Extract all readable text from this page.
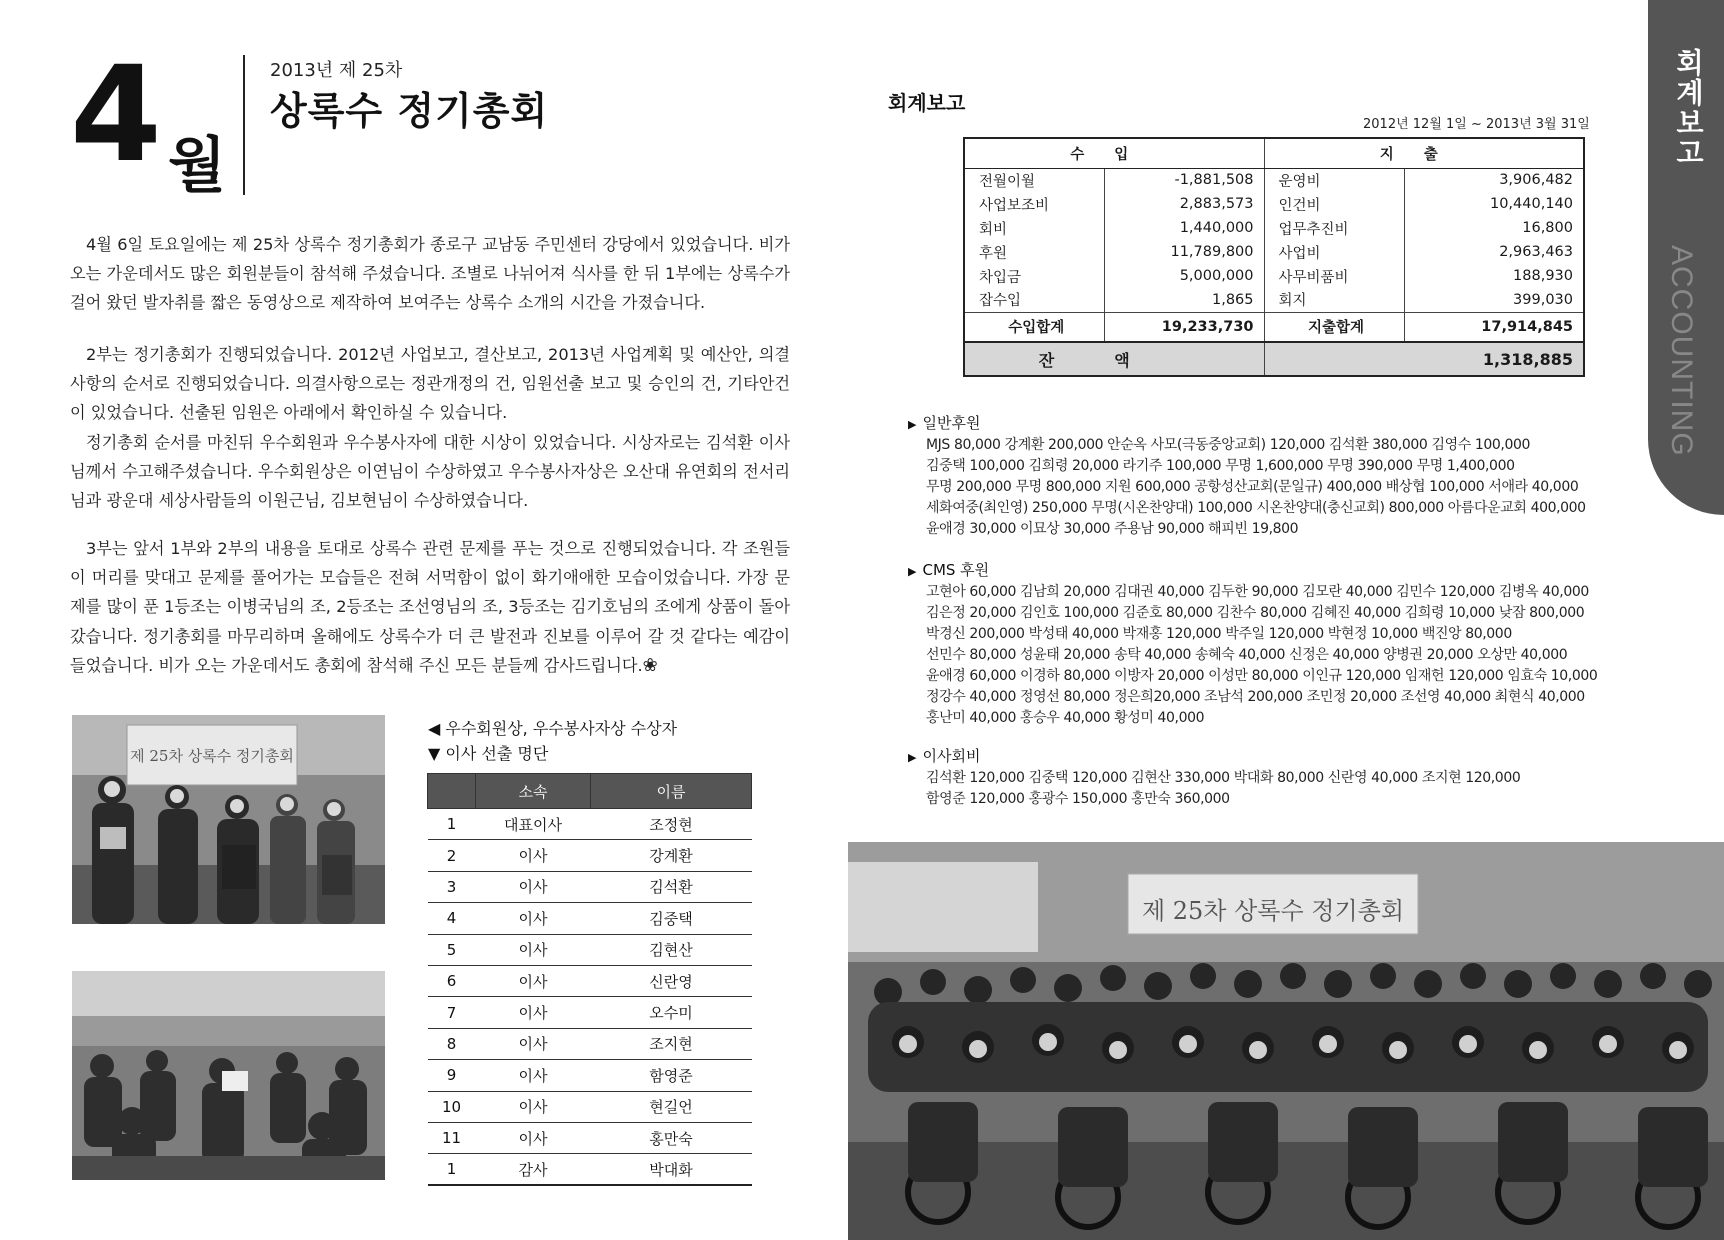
4 월
2013년 제 25차
상록수 정기총회

4월 6일 토요일에는 제 25차 상록수 정기총회가 종로구 교남동 주민센터 강당에서 있었습니다. 비가 오는 가운데서도 많은 회원분들이 참석해 주셨습니다. 조별로 나뉘어져 식사를 한 뒤 1부에는 상록수가 걸어 왔던 발자취를 짧은 동영상으로 제작하여 보여주는 상록수 소개의 시간을 가졌습니다.

2부는 정기총회가 진행되었습니다. 2012년 사업보고, 결산보고, 2013년 사업계획 및 예산안, 의결사항의 순서로 진행되었습니다. 의결사항으로는 정관개정의 건, 임원선출 보고 및 승인의 건, 기타안건이 있었습니다. 선출된 임원은 아래에서 확인하실 수 있습니다.

정기총회 순서를 마친뒤 우수회원과 우수봉사자에 대한 시상이 있었습니다. 시상자로는 김석환 이사님께서 수고해주셨습니다. 우수회원상은 이연님이 수상하였고 우수봉사자상은 오산대 유연회의 전서리님과 광운대 세상사람들의 이원근님, 김보현님이 수상하였습니다.

3부는 앞서 1부와 2부의 내용을 토대로 상록수 관련 문제를 푸는 것으로 진행되었습니다. 각 조원들이 머리를 맞대고 문제를 풀어가는 모습들은 전혀 서먹함이 없이 화기애애한 모습이었습니다. 가장 문제를 많이 푼 1등조는 이병국님의 조, 2등조는 조선영님의 조, 3등조는 김기호님의 조에게 상품이 돌아갔습니다. 정기총회를 마무리하며 올해에도 상록수가 더 큰 발전과 진보를 이루어 갈 것 같다는 예감이 들었습니다. 비가 오는 가운데서도 총회에 참석해 주신 모든 분들께 감사드립니다.❀

제 25차 상록수 정기총회
◀ 우수회원상, 우수봉사자상 수상자
▼ 이사 선출 명단
	소속	이름
1	대표이사	조정현
2	이사	강계환
3	이사	김석환
4	이사	김중택
5	이사	김현산
6	이사	신란영
7	이사	오수미
8	이사	조지현
9	이사	함영준
10	이사	현길언
11	이사	홍만숙
1	감사	박대화
회계보고
ACCOUNTING
회계보고
2012년 12월 1일 ~ 2013년 3월 31일
수입		지출	
전월이월	-1,881,508	운영비	3,906,482
사업보조비	2,883,573	인건비	10,440,140
회비	1,440,000	업무추진비	16,800
후원	11,789,800	사업비	2,963,463
차입금	5,000,000	사무비품비	188,930
잡수입	1,865	회지	399,030
수입합계	19,233,730	지출합계	17,914,845
잔액		1,318,885	
▶ 일반후원
MJS 80,000 강계환 200,000 안순옥 사모(극동중앙교회) 120,000 김석환 380,000 김영수 100,000
김중택 100,000 김희령 20,000 라기주 100,000 무명 1,600,000 무명 390,000 무명 1,400,000
무명 200,000 무명 800,000 지원 600,000 공항성산교회(문일규) 400,000 배상협 100,000 서애라 40,000
세화여중(최인영) 250,000 무명(시온찬양대) 100,000 시온찬양대(충신교회) 800,000 아름다운교회 400,000
윤애경 30,000 이묘상 30,000 주용남 90,000 해피빈 19,800
▶ CMS 후원
고현아 60,000 김남희 20,000 김대권 40,000 김두한 90,000 김모란 40,000 김민수 120,000 김병옥 40,000
김은정 20,000 김인호 100,000 김준호 80,000 김찬수 80,000 김혜진 40,000 김희령 10,000 낮잠 800,000
박경신 200,000 박성태 40,000 박재홍 120,000 박주일 120,000 박현정 10,000 백진앙 80,000
선민수 80,000 성윤태 20,000 송탁 40,000 송혜숙 40,000 신정은 40,000 양병권 20,000 오상만 40,000
윤애경 60,000 이경하 80,000 이방자 20,000 이성만 80,000 이인규 120,000 임재헌 120,000 임효숙 10,000
정강수 40,000 정영선 80,000 정은희20,000 조남석 200,000 조민정 20,000 조선영 40,000 최현식 40,000
홍난미 40,000 홍승우 40,000 황성미 40,000
▶ 이사회비
김석환 120,000 김중택 120,000 김현산 330,000 박대화 80,000 신란영 40,000 조지현 120,000
함영준 120,000 홍광수 150,000 홍만숙 360,000
제 25차 상록수 정기총회
